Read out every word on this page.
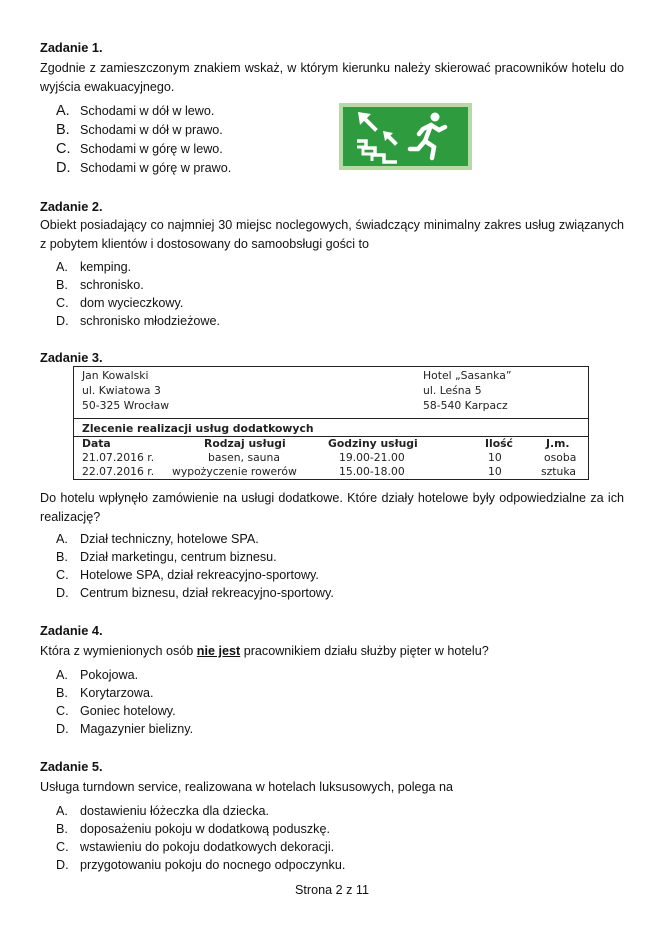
Zadanie 1.
Zgodnie z zamieszczonym znakiem wskaż, w którym kierunku należy skierować pracowników hotelu do wyjścia ewakuacyjnego.
A. Schodami w dół w lewo.
B. Schodami w dół w prawo.
C. Schodami w górę w lewo.
D. Schodami w górę w prawo.
Zadanie 2.
Obiekt posiadający co najmniej 30 miejsc noclegowych, świadczący minimalny zakres usług związanych z pobytem klientów i dostosowany do samoobsługi gości to
A. kemping.
B. schronisko.
C. dom wycieczkowy.
D. schronisko młodzieżowe.
Zadanie 3.
Jan Kowalski
ul. Kwiatowa 3
50-325 Wrocław
Hotel „Sasanka”
ul. Leśna 5
58-540 Karpacz
Zlecenie realizacji usług dodatkowych
Data	Rodzaj usługi	Godziny usługi	Ilość	J.m.
21.07.2016 r.	basen, sauna	19.00-21.00	10	osoba
22.07.2016 r. wypożyczenie rowerów	15.00-18.00	10	sztuka
Do hotelu wpłynęło zamówienie na usługi dodatkowe. Które działy hotelowe były odpowiedzialne za ich realizację?
A. Dział techniczny, hotelowe SPA.
B. Dział marketingu, centrum biznesu.
C. Hotelowe SPA, dział rekreacyjno-sportowy.
D. Centrum biznesu, dział rekreacyjno-sportowy.
Zadanie 4.
Która z wymienionych osób nie jest pracownikiem działu służby pięter w hotelu?
A. Pokojowa.
B. Korytarzowa.
C. Goniec hotelowy.
D. Magazynier bielizny.
Zadanie 5.
Usługa turndown service, realizowana w hotelach luksusowych, polega na
A. dostawieniu łóżeczka dla dziecka.
B. doposażeniu pokoju w dodatkową poduszkę.
C. wstawieniu do pokoju dodatkowych dekoracji.
D. przygotowaniu pokoju do nocnego odpoczynku.
Strona 2 z 11
